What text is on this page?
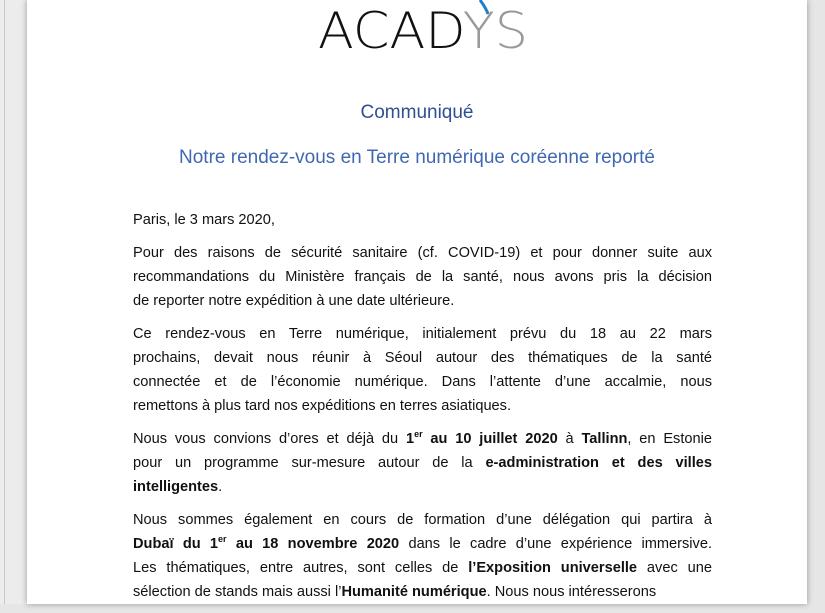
ACAD YS
Communiqué
Notre rendez-vous en Terre numérique coréenne reporté
Paris, le 3 mars 2020,
Pour des raisons de sécurité sanitaire (cf. COVID-19) et pour donner suite aux
recommandations du Ministère français de la santé, nous avons pris la décision
de reporter notre expédition à une date ultérieure.
Ce rendez-vous en Terre numérique, initialement prévu du 18 au 22 mars
prochains, devait nous réunir à Séoul autour des thématiques de la santé
connectée et de l’économie numérique. Dans l’attente d’une accalmie, nous
remettons à plus tard nos expéditions en terres asiatiques.
Nous vous convions d’ores et déjà du 1er au 10 juillet 2020 à Tallinn, en Estonie
pour un programme sur-mesure autour de la e-administration et des villes
intelligentes.
Nous sommes également en cours de formation d’une délégation qui partira à
Dubaï du 1er au 18 novembre 2020 dans le cadre d’une expérience immersive.
Les thématiques, entre autres, sont celles de l’Exposition universelle avec une
sélection de stands mais aussi l’Humanité numérique. Nous nous intéresserons
